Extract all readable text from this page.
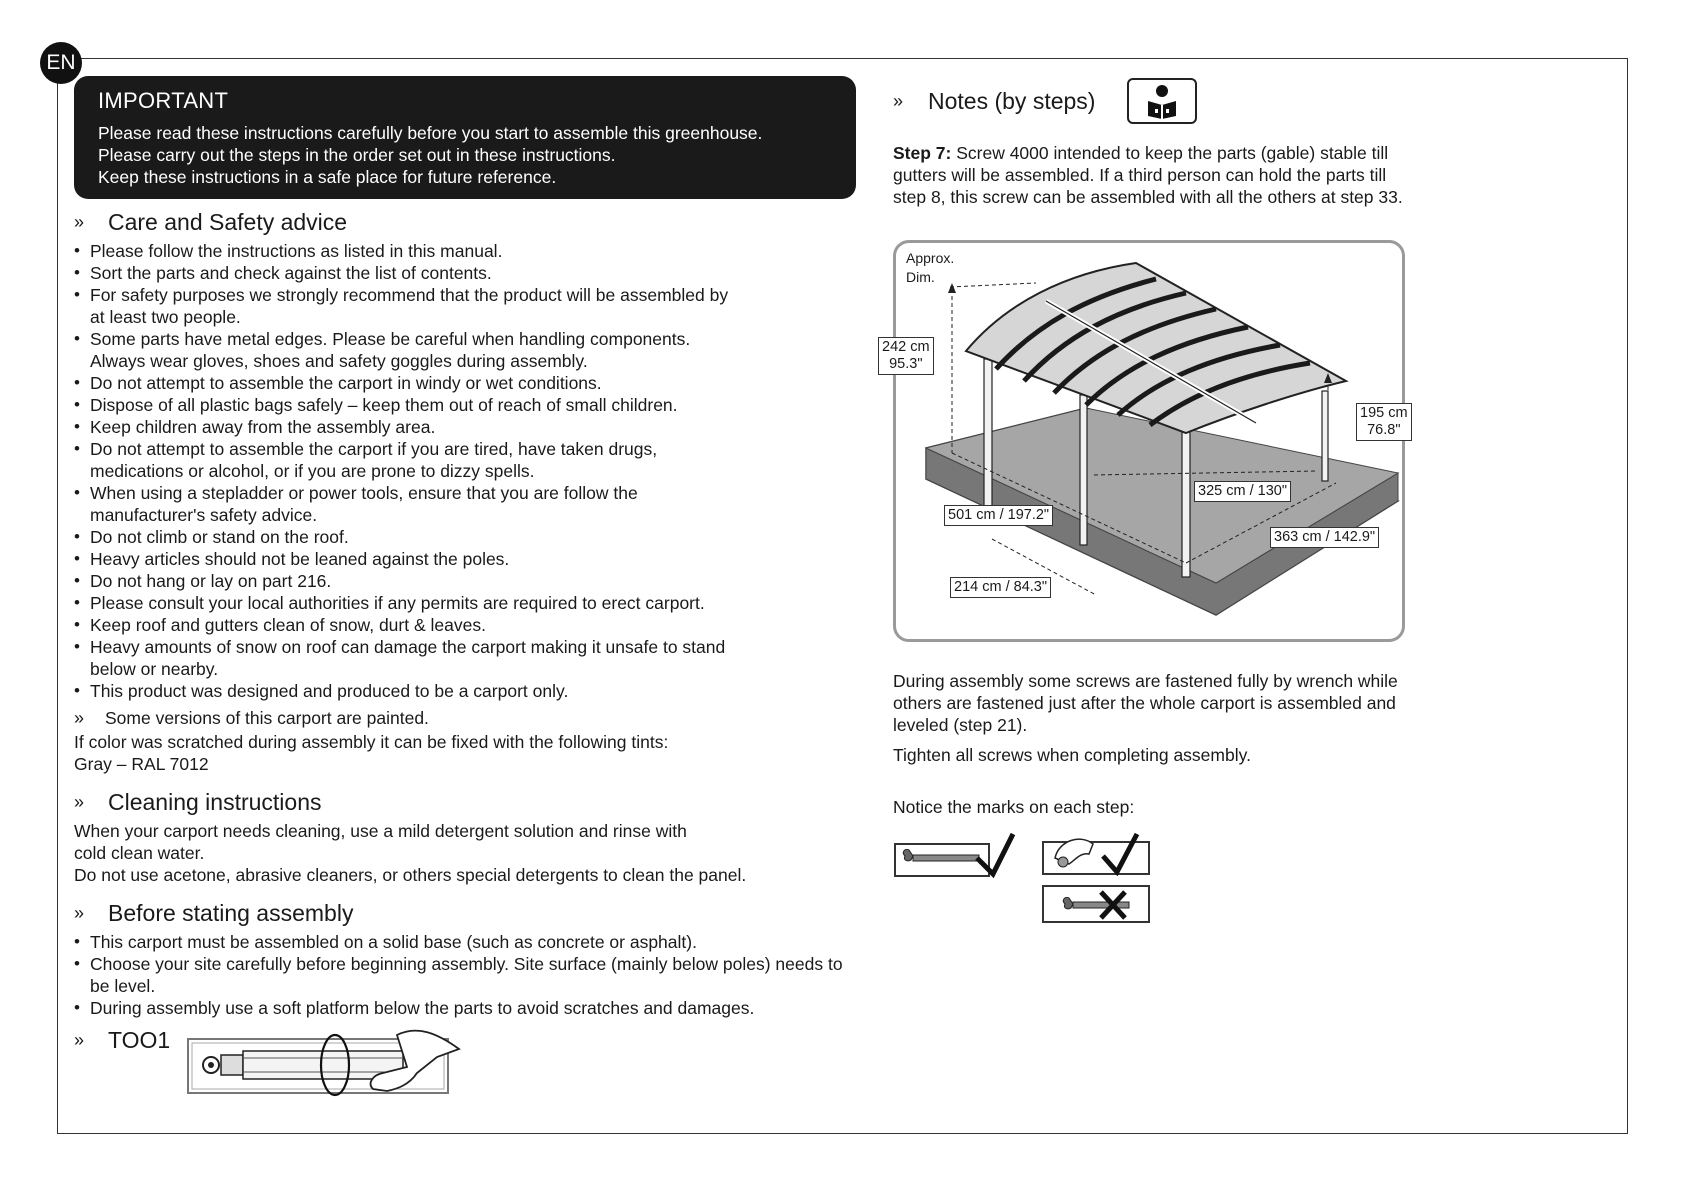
EN
IMPORTANT

Please read these instructions carefully before you start to assemble this greenhouse.

Please carry out the steps in the order set out in these instructions.

Keep these instructions in a safe place for future reference.

»	Care and Safety advice
• Please follow the instructions as listed in this manual.
• Sort the parts and check against the list of contents.
• For safety purposes we strongly recommend that the product will be assembled by at least two people.
• Some parts have metal edges. Please be careful when handling components. Always wear gloves, shoes and safety goggles during assembly.
• Do not attempt to assemble the carport in windy or wet conditions.
• Dispose of all plastic bags safely – keep them out of reach of small children.
• Keep children away from the assembly area.
• Do not attempt to assemble the carport if you are tired, have taken drugs, medications or alcohol, or if you are prone to dizzy spells.
• When using a stepladder or power tools, ensure that you are follow the manufacturer's safety advice.
• Do not climb or stand on the roof.
• Heavy articles should not be leaned against the poles.
• Do not hang or lay on part 216.
• Please consult your local authorities if any permits are required to erect carport.
• Keep roof and gutters clean of snow, durt & leaves.
• Heavy amounts of snow on roof can damage the carport making it unsafe to stand below or nearby.
• This product was designed and produced to be a carport only.
»	Some versions of this carport are painted.

If color was scratched during assembly it can be fixed with the following tints:

Gray – RAL 7012

»	Cleaning instructions

When your carport needs cleaning, use a mild detergent solution and rinse with

cold clean water.

Do not use acetone, abrasive cleaners, or others special detergents to clean the panel.

»	Before stating assembly
• This carport must be assembled on a solid base (such as concrete or asphalt).
• Choose your site carefully before beginning assembly. Site surface (mainly below poles) needs to be level.
• During assembly use a soft platform below the parts to avoid scratches and damages.
»	TOO1
»	Notes (by steps)

Step 7: Screw 4000 intended to keep the parts (gable) stable till gutters will be assembled. If a third person can hold the parts till step 8, this screw can be assembled with all the others at step 33.

Approx.
Dim.
242 cm
95.3"
195 cm
76.8"
325 cm / 130"
501 cm / 197.2"
363 cm / 142.9"
214 cm / 84.3"

During assembly some screws are fastened fully by wrench while others are fastened just after the whole carport is assembled and leveled (step 21).

Tighten all screws when completing assembly.

Notice the marks on each step:
